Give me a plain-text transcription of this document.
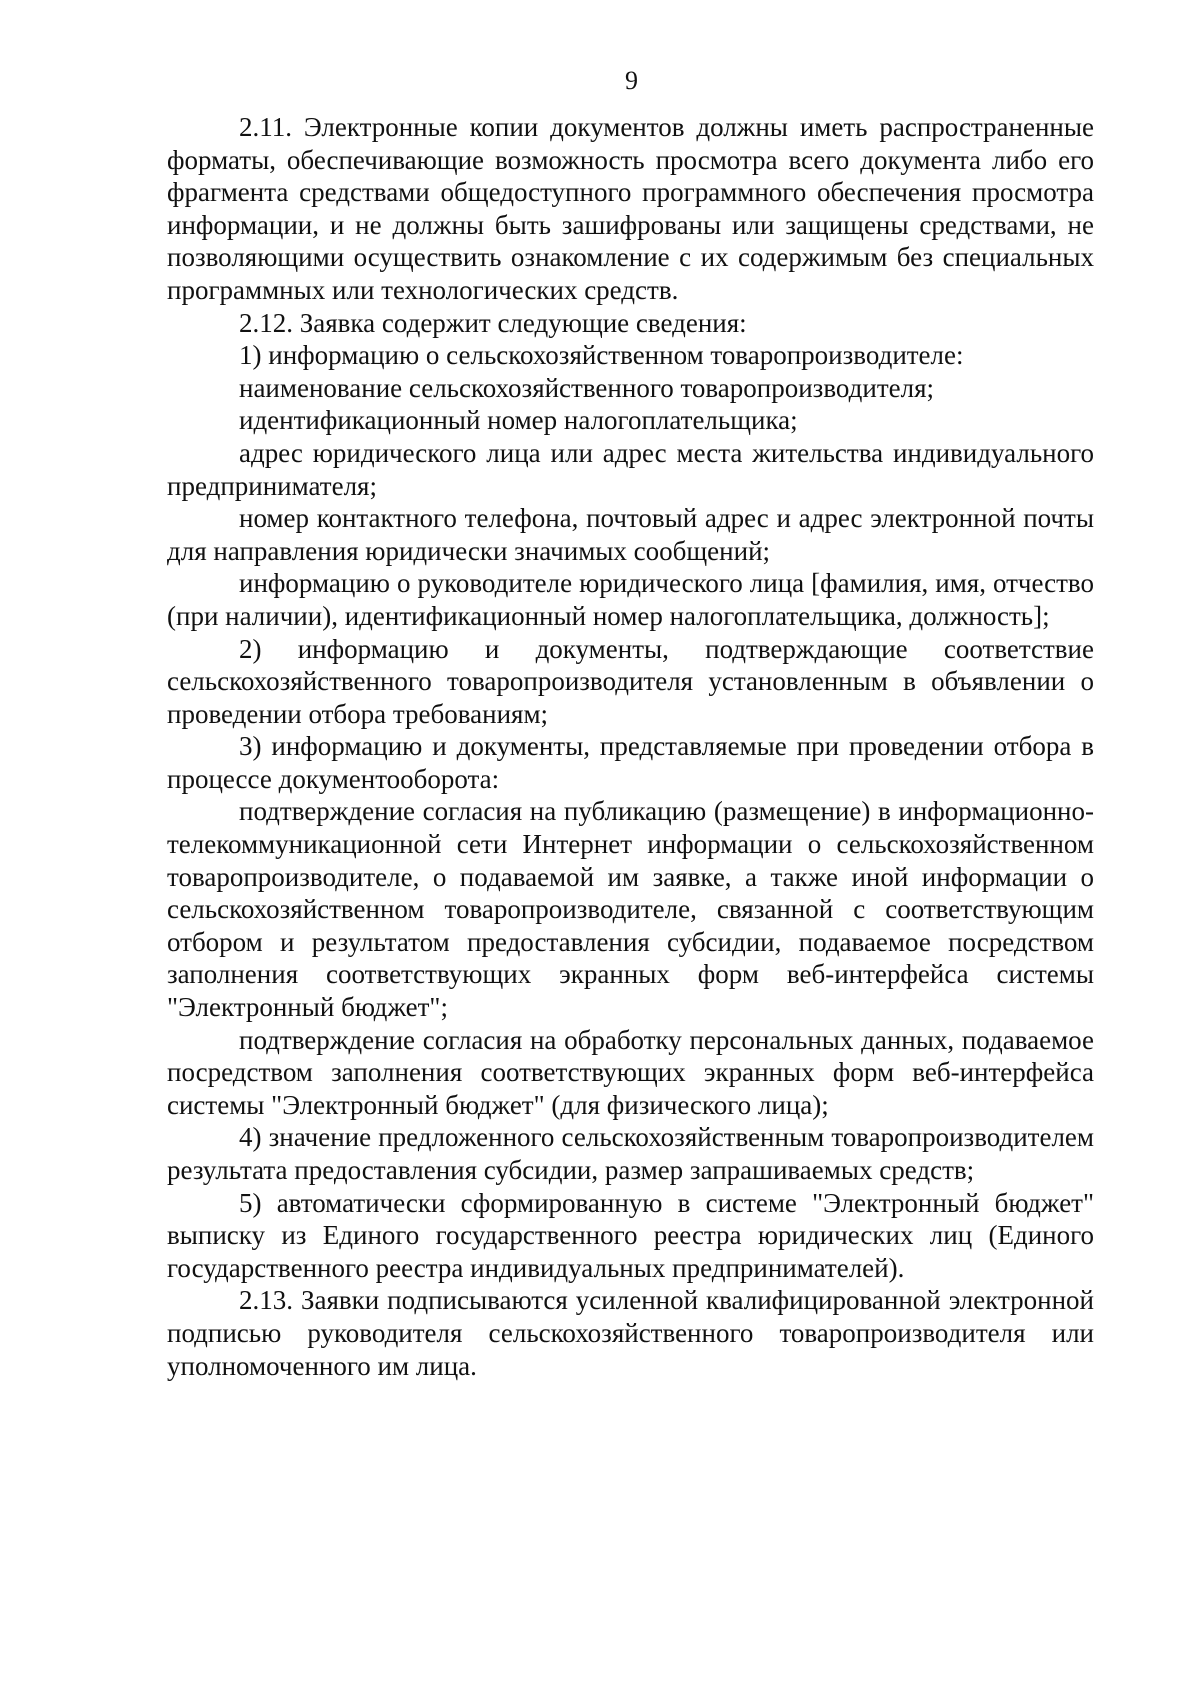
9

2.11. Электронные копии документов должны иметь распространенные форматы, обеспечивающие возможность просмотра всего документа либо его фрагмента средствами общедоступного программного обеспечения просмотра информации, и не должны быть зашифрованы или защищены средствами, не позволяющими осуществить ознакомление с их содержимым без специальных программных или технологических средств.

2.12. Заявка содержит следующие сведения:

1) информацию о сельскохозяйственном товаропроизводителе:

наименование сельскохозяйственного товаропроизводителя;

идентификационный номер налогоплательщика;

адрес юридического лица или адрес места жительства индивидуального предпринимателя;

номер контактного телефона, почтовый адрес и адрес электронной почты для направления юридически значимых сообщений;

информацию о руководителе юридического лица [фамилия, имя, отчество (при наличии), идентификационный номер налогоплательщика, должность];

2) информацию и документы, подтверждающие соответствие сельскохозяйственного товаропроизводителя установленным в объявлении о проведении отбора требованиям;

3) информацию и документы, представляемые при проведении отбора в процессе документооборота:

подтверждение согласия на публикацию (размещение) в информационно-телекоммуникационной сети Интернет информации о сельскохозяйственном товаропроизводителе, о подаваемой им заявке, а также иной информации о сельскохозяйственном товаропроизводителе, связанной с соответствующим отбором и результатом предоставления субсидии, подаваемое посредством заполнения соответствующих экранных форм веб-интерфейса системы "Электронный бюджет";

подтверждение согласия на обработку персональных данных, подаваемое посредством заполнения соответствующих экранных форм веб-интерфейса системы "Электронный бюджет" (для физического лица);

4) значение предложенного сельскохозяйственным товаропроизводителем результата предоставления субсидии, размер запрашиваемых средств;

5) автоматически сформированную в системе "Электронный бюджет" выписку из Единого государственного реестра юридических лиц (Единого государственного реестра индивидуальных предпринимателей).

2.13. Заявки подписываются усиленной квалифицированной электронной подписью руководителя сельскохозяйственного товаропроизводителя или уполномоченного им лица.
